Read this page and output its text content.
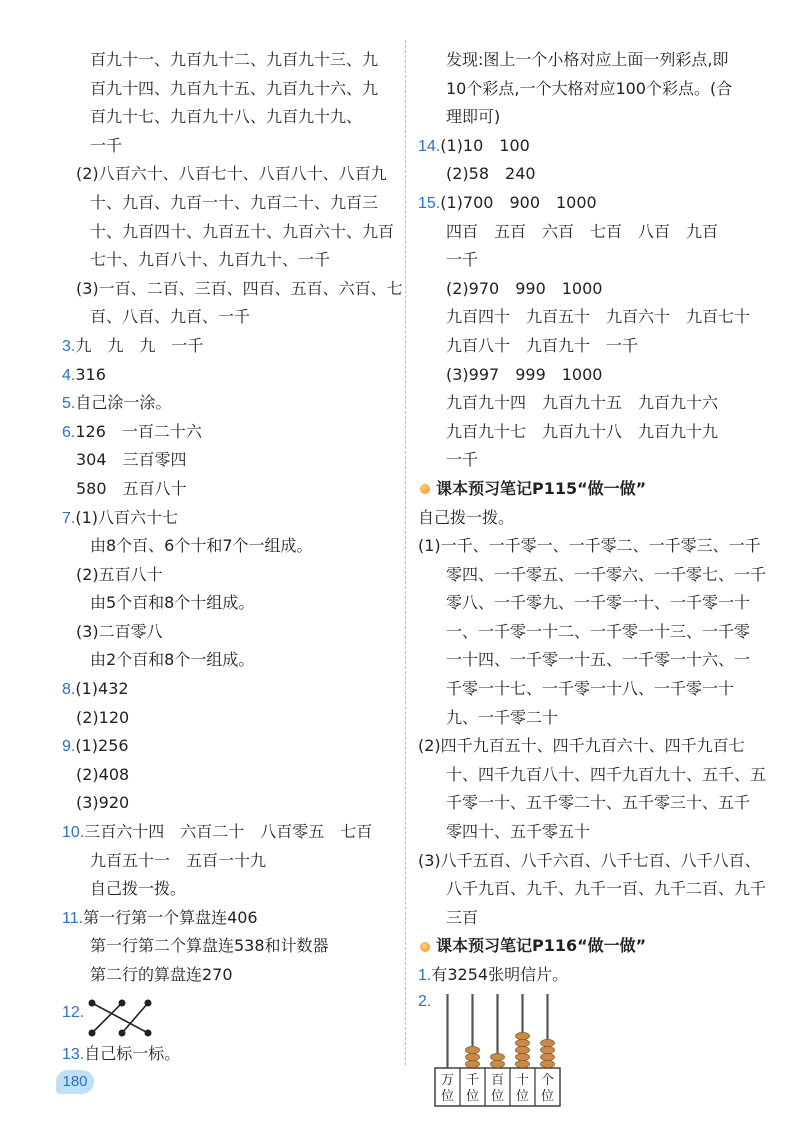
百九十一、九百九十二、九百九十三、九
百九十四、九百九十五、九百九十六、九
百九十七、九百九十八、九百九十九、
一千
(2)八百六十、八百七十、八百八十、八百九
十、九百、九百一十、九百二十、九百三
十、九百四十、九百五十、九百六十、九百
七十、九百八十、九百九十、一千
(3)一百、二百、三百、四百、五百、六百、七
百、八百、九百、一千
3.九　九　九　一千
4.316
5.自己涂一涂。
6.126　一百二十六
304　三百零四
580　五百八十
7.(1)八百六十七
由8个百、6个十和7个一组成。
(2)五百八十
由5个百和8个十组成。
(3)二百零八
由2个百和8个一组成。
8.(1)432
(2)120
9.(1)256
(2)408
(3)920
10.三百六十四　六百二十　八百零五　七百
九百五十一　五百一十九
自己拨一拨。
11.第一行第一个算盘连406
第一行第二个算盘连538和计数器
第二行的算盘连270
12.
13.自己标一标。
发现:图上一个小格对应上面一列彩点,即
10个彩点,一个大格对应100个彩点。(合
理即可)
14.(1)10　100
(2)58　240
15.(1)700　900　1000
四百　五百　六百　七百　八百　九百
一千
(2)970　990　1000
九百四十　九百五十　九百六十　九百七十
九百八十　九百九十　一千
(3)997　999　1000
九百九十四　九百九十五　九百九十六
九百九十七　九百九十八　九百九十九
一千
课本预习笔记P115“做一做”
自己拨一拨。
(1)一千、一千零一、一千零二、一千零三、一千
零四、一千零五、一千零六、一千零七、一千
零八、一千零九、一千零一十、一千零一十
一、一千零一十二、一千零一十三、一千零
一十四、一千零一十五、一千零一十六、一
千零一十七、一千零一十八、一千零一十
九、一千零二十
(2)四千九百五十、四千九百六十、四千九百七
十、四千九百八十、四千九百九十、五千、五
千零一十、五千零二十、五千零三十、五千
零四十、五千零五十
(3)八千五百、八千六百、八千七百、八千八百、
八千九百、九千、九千一百、九千二百、九千
三百
课本预习笔记P116“做一做”
1.有3254张明信片。
2.
万
位
千
位
百
位
十
位
个
位
180
